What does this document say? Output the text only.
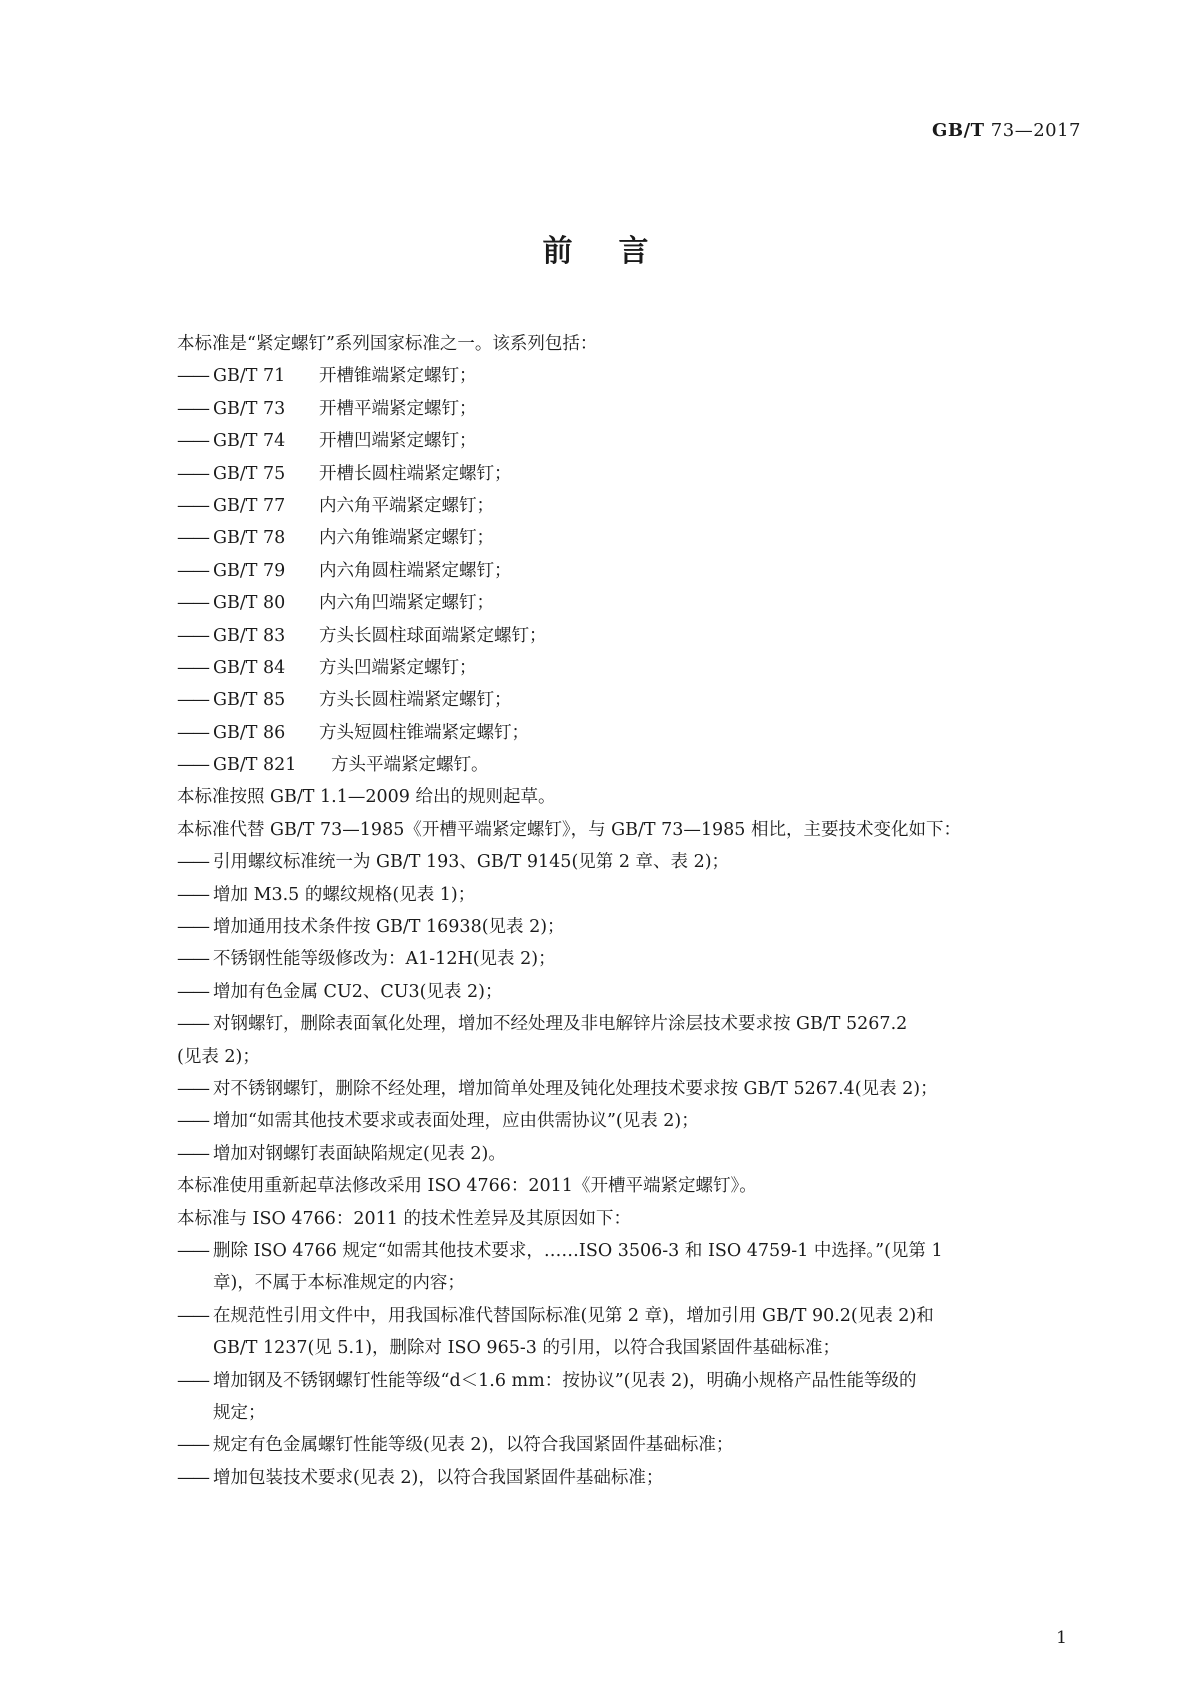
GB/T 73—2017
前言
本标准是“紧定螺钉”系列国家标准之一。该系列包括：
—— GB/T 71 开槽锥端紧定螺钉；
—— GB/T 73 开槽平端紧定螺钉；
—— GB/T 74 开槽凹端紧定螺钉；
—— GB/T 75 开槽长圆柱端紧定螺钉；
—— GB/T 77 内六角平端紧定螺钉；
—— GB/T 78 内六角锥端紧定螺钉；
—— GB/T 79 内六角圆柱端紧定螺钉；
—— GB/T 80 内六角凹端紧定螺钉；
—— GB/T 83 方头长圆柱球面端紧定螺钉；
—— GB/T 84 方头凹端紧定螺钉；
—— GB/T 85 方头长圆柱端紧定螺钉；
—— GB/T 86 方头短圆柱锥端紧定螺钉；
—— GB/T 821 方头平端紧定螺钉。
本标准按照 GB/T 1.1—2009 给出的规则起草。
本标准代替 GB/T 73—1985《开槽平端紧定螺钉》，与 GB/T 73—1985 相比，主要技术变化如下：
—— 引用螺纹标准统一为 GB/T 193、GB/T 9145(见第 2 章、表 2)；
—— 增加 M3.5 的螺纹规格(见表 1)；
—— 增加通用技术条件按 GB/T 16938(见表 2)；
—— 不锈钢性能等级修改为：A1-12H(见表 2)；
—— 增加有色金属 CU2、CU3(见表 2)；
—— 对钢螺钉，删除表面氧化处理，增加不经处理及非电解锌片涂层技术要求按 GB/T 5267.2
(见表 2)；
—— 对不锈钢螺钉，删除不经处理，增加简单处理及钝化处理技术要求按 GB/T 5267.4(见表 2)；
—— 增加“如需其他技术要求或表面处理，应由供需协议”(见表 2)；
—— 增加对钢螺钉表面缺陷规定(见表 2)。
本标准使用重新起草法修改采用 ISO 4766：2011《开槽平端紧定螺钉》。
本标准与 ISO 4766：2011 的技术性差异及其原因如下：
—— 删除 ISO 4766 规定“如需其他技术要求，……ISO 3506-3 和 ISO 4759-1 中选择。”(见第 1
章)，不属于本标准规定的内容；
—— 在规范性引用文件中，用我国标准代替国际标准(见第 2 章)，增加引用 GB/T 90.2(见表 2)和
GB/T 1237(见 5.1)，删除对 ISO 965-3 的引用，以符合我国紧固件基础标准；
—— 增加钢及不锈钢螺钉性能等级“d＜1.6 mm：按协议”(见表 2)，明确小规格产品性能等级的
规定；
—— 规定有色金属螺钉性能等级(见表 2)，以符合我国紧固件基础标准；
—— 增加包装技术要求(见表 2)，以符合我国紧固件基础标准；
1
